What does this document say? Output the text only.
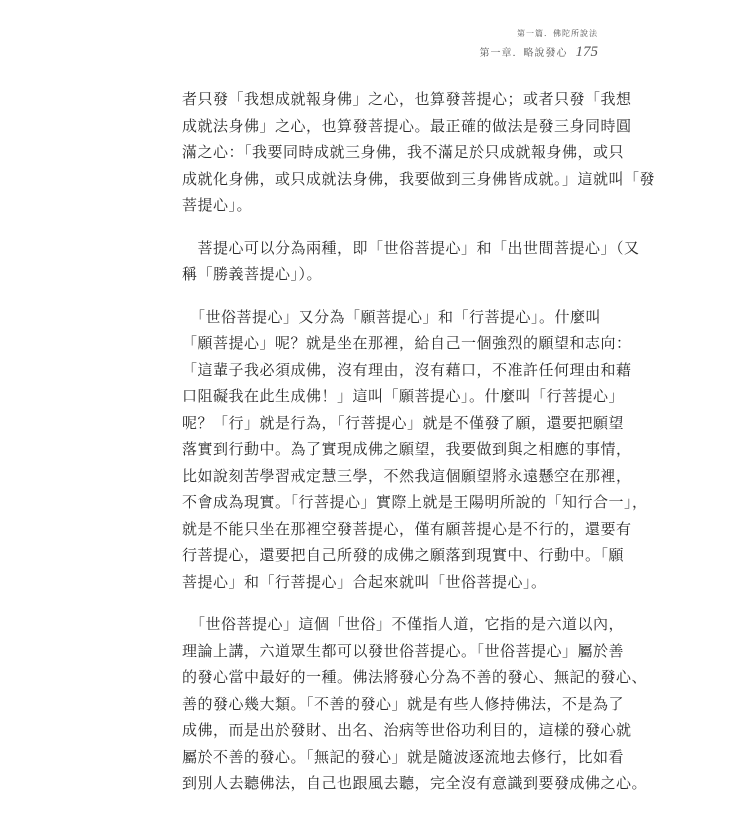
第一篇．佛陀所說法
第一章．略說發心 175

者只發「我想成就報身佛」之心，也算發菩提心；或者只發「我想
成就法身佛」之心，也算發菩提心。最正確的做法是發三身同時圓
滿之心：「我要同時成就三身佛，我不滿足於只成就報身佛，或只
成就化身佛，或只成就法身佛，我要做到三身佛皆成就。」這就叫「發
菩提心」。

　菩提心可以分為兩種，即「世俗菩提心」和「出世間菩提心」（又
稱「勝義菩提心」）。

　「世俗菩提心」又分為「願菩提心」和「行菩提心」。什麼叫
「願菩提心」呢？就是坐在那裡，給自己一個強烈的願望和志向：
「這輩子我必須成佛，沒有理由，沒有藉口，不准許任何理由和藉
口阻礙我在此生成佛！」這叫「願菩提心」。什麼叫「行菩提心」
呢？「行」就是行為，「行菩提心」就是不僅發了願，還要把願望
落實到行動中。為了實現成佛之願望，我要做到與之相應的事情，
比如說刻苦學習戒定慧三學，不然我這個願望將永遠懸空在那裡，
不會成為現實。「行菩提心」實際上就是王陽明所說的「知行合一」，
就是不能只坐在那裡空發菩提心，僅有願菩提心是不行的，還要有
行菩提心，還要把自己所發的成佛之願落到現實中、行動中。「願
菩提心」和「行菩提心」合起來就叫「世俗菩提心」。

　「世俗菩提心」這個「世俗」不僅指人道，它指的是六道以內，
理論上講，六道眾生都可以發世俗菩提心。「世俗菩提心」屬於善
的發心當中最好的一種。佛法將發心分為不善的發心、無記的發心、
善的發心幾大類。「不善的發心」就是有些人修持佛法，不是為了
成佛，而是出於發財、出名、治病等世俗功利目的，這樣的發心就
屬於不善的發心。「無記的發心」就是隨波逐流地去修行，比如看
到別人去聽佛法，自己也跟風去聽，完全沒有意識到要發成佛之心。
